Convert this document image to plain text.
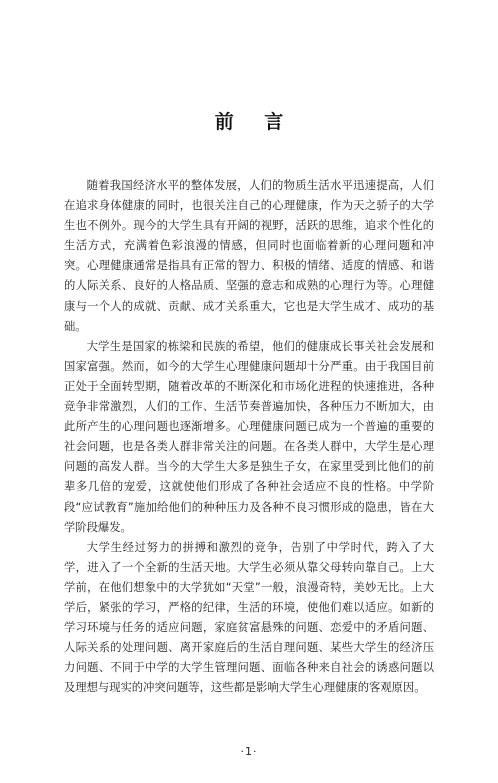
前 言

随着我国经济水平的整体发展，人们的物质生活水平迅速提高，人们在追求身体健康的同时，也很关注自己的心理健康，作为天之骄子的大学生也不例外。现今的大学生具有开阔的视野，活跃的思维，追求个性化的生活方式，充满着色彩浪漫的情感，但同时也面临着新的心理问题和冲突。心理健康通常是指具有正常的智力、积极的情绪、适度的情感、和谐的人际关系、良好的人格品质、坚强的意志和成熟的心理行为等。心理健康与一个人的成就、贡献、成才关系重大，它也是大学生成才、成功的基础。

大学生是国家的栋梁和民族的希望，他们的健康成长事关社会发展和国家富强。然而，如今的大学生心理健康问题却十分严重。由于我国目前正处于全面转型期，随着改革的不断深化和市场化进程的快速推进，各种竞争非常激烈，人们的工作、生活节奏普遍加快，各种压力不断加大，由此所产生的心理问题也逐渐增多。心理健康问题已成为一个普遍的重要的社会问题，也是各类人群非常关注的问题。在各类人群中，大学生是心理问题的高发人群。当今的大学生大多是独生子女，在家里受到比他们的前辈多几倍的宠爱，这就使他们形成了各种社会适应不良的性格。中学阶段“应试教育”施加给他们的种种压力及各种不良习惯形成的隐患，皆在大学阶段爆发。

大学生经过努力的拼搏和激烈的竞争，告别了中学时代，跨入了大学，进入了一个全新的生活天地。大学生必须从靠父母转向靠自己。上大学前，在他们想象中的大学犹如“天堂”一般，浪漫奇特，美妙无比。上大学后，紧张的学习，严格的纪律，生活的环境，使他们难以适应。如新的学习环境与任务的适应问题，家庭贫富悬殊的问题、恋爱中的矛盾问题、人际关系的处理问题、离开家庭后的生活自理问题、某些大学生的经济压力问题、不同于中学的大学生管理问题、面临各种来自社会的诱惑问题以及理想与现实的冲突问题等，这些都是影响大学生心理健康的客观原因。

·1·
